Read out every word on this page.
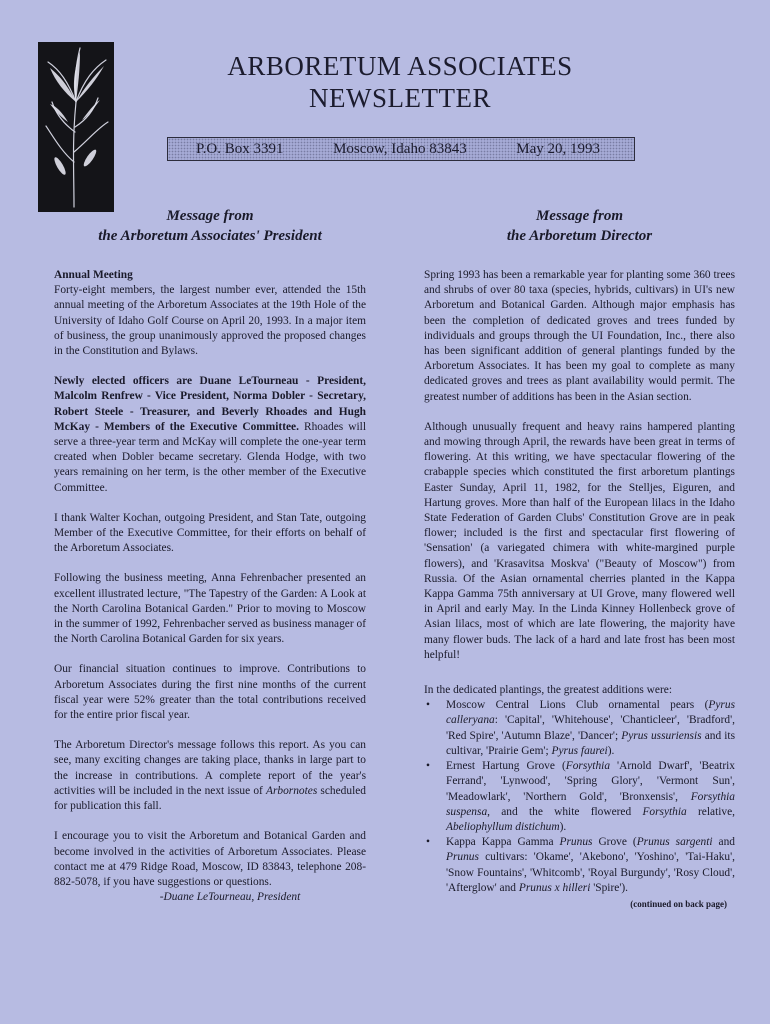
ARBORETUM ASSOCIATES
NEWSLETTER
P.O. Box 3391	Moscow, Idaho 83843	May 20, 1993
Message from
the Arboretum Associates' President

Annual Meeting
Forty-eight members, the largest number ever, attended the 15th annual meeting of the Arboretum Associates at the 19th Hole of the University of Idaho Golf Course on April 20, 1993. In a major item of business, the group unanimously approved the proposed changes in the Constitution and Bylaws.

Newly elected officers are Duane LeTourneau - President, Malcolm Renfrew - Vice President, Norma Dobler - Secretary, Robert Steele - Treasurer, and Beverly Rhoades and Hugh McKay - Members of the Executive Committee. Rhoades will serve a three-year term and McKay will complete the one-year term created when Dobler became secretary. Glenda Hodge, with two years remaining on her term, is the other member of the Executive Committee.

I thank Walter Kochan, outgoing President, and Stan Tate, outgoing Member of the Executive Committee, for their efforts on behalf of the Arboretum Associates.

Following the business meeting, Anna Fehrenbacher presented an excellent illustrated lecture, "The Tapestry of the Garden: A Look at the North Carolina Botanical Garden." Prior to moving to Moscow in the summer of 1992, Fehrenbacher served as business manager of the North Carolina Botanical Garden for six years.

Our financial situation continues to improve. Contributions to Arboretum Associates during the first nine months of the current fiscal year were 52% greater than the total contributions received for the entire prior fiscal year.

The Arboretum Director's message follows this report. As you can see, many exciting changes are taking place, thanks in large part to the increase in contributions. A complete report of the year's activities will be included in the next issue of Arbornotes scheduled for publication this fall.

I encourage you to visit the Arboretum and Botanical Garden and become involved in the activities of Arboretum Associates. Please contact me at 479 Ridge Road, Moscow, ID 83843, telephone 208-882-5078, if you have suggestions or questions.

-Duane LeTourneau, President
Message from
the Arboretum Director

Spring 1993 has been a remarkable year for planting some 360 trees and shrubs of over 80 taxa (species, hybrids, cultivars) in UI's new Arboretum and Botanical Garden. Although major emphasis has been the completion of dedicated groves and trees funded by individuals and groups through the UI Foundation, Inc., there also has been significant addition of general plantings funded by the Arboretum Associates. It has been my goal to complete as many dedicated groves and trees as plant availability would permit. The greatest number of additions has been in the Asian section.

Although unusually frequent and heavy rains hampered planting and mowing through April, the rewards have been great in terms of flowering. At this writing, we have spectacular flowering of the crabapple species which constituted the first arboretum plantings Easter Sunday, April 11, 1982, for the Stelljes, Eiguren, and Hartung groves. More than half of the European lilacs in the Idaho State Federation of Garden Clubs' Constitution Grove are in peak flower; included is the first and spectacular first flowering of 'Sensation' (a variegated chimera with white-margined purple flowers), and 'Krasavitsa Moskva' ("Beauty of Moscow") from Russia. Of the Asian ornamental cherries planted in the Kappa Kappa Gamma 75th anniversary at UI Grove, many flowered well in April and early May. In the Linda Kinney Hollenbeck grove of Asian lilacs, most of which are late flowering, the majority have many flower buds. The lack of a hard and late frost has been most helpful!

In the dedicated plantings, the greatest additions were:

• Moscow Central Lions Club ornamental pears (Pyrus calleryana: 'Capital', 'Whitehouse', 'Chanticleer', 'Bradford', 'Red Spire', 'Autumn Blaze', 'Dancer'; Pyrus ussuriensis and its cultivar, 'Prairie Gem'; Pyrus faurei).
• Ernest Hartung Grove (Forsythia 'Arnold Dwarf', 'Beatrix Ferrand', 'Lynwood', 'Spring Glory', 'Vermont Sun', 'Meadowlark', 'Northern Gold', 'Bronxensis', Forsythia suspensa, and the white flowered Forsythia relative, Abeliophyllum distichum).
• Kappa Kappa Gamma Prunus Grove (Prunus sargenti and Prunus cultivars: 'Okame', 'Akebono', 'Yoshino', 'Tai-Haku', 'Snow Fountains', 'Whitcomb', 'Royal Burgundy', 'Rosy Cloud', 'Afterglow' and Prunus x hilleri 'Spire').
(continued on back page)
